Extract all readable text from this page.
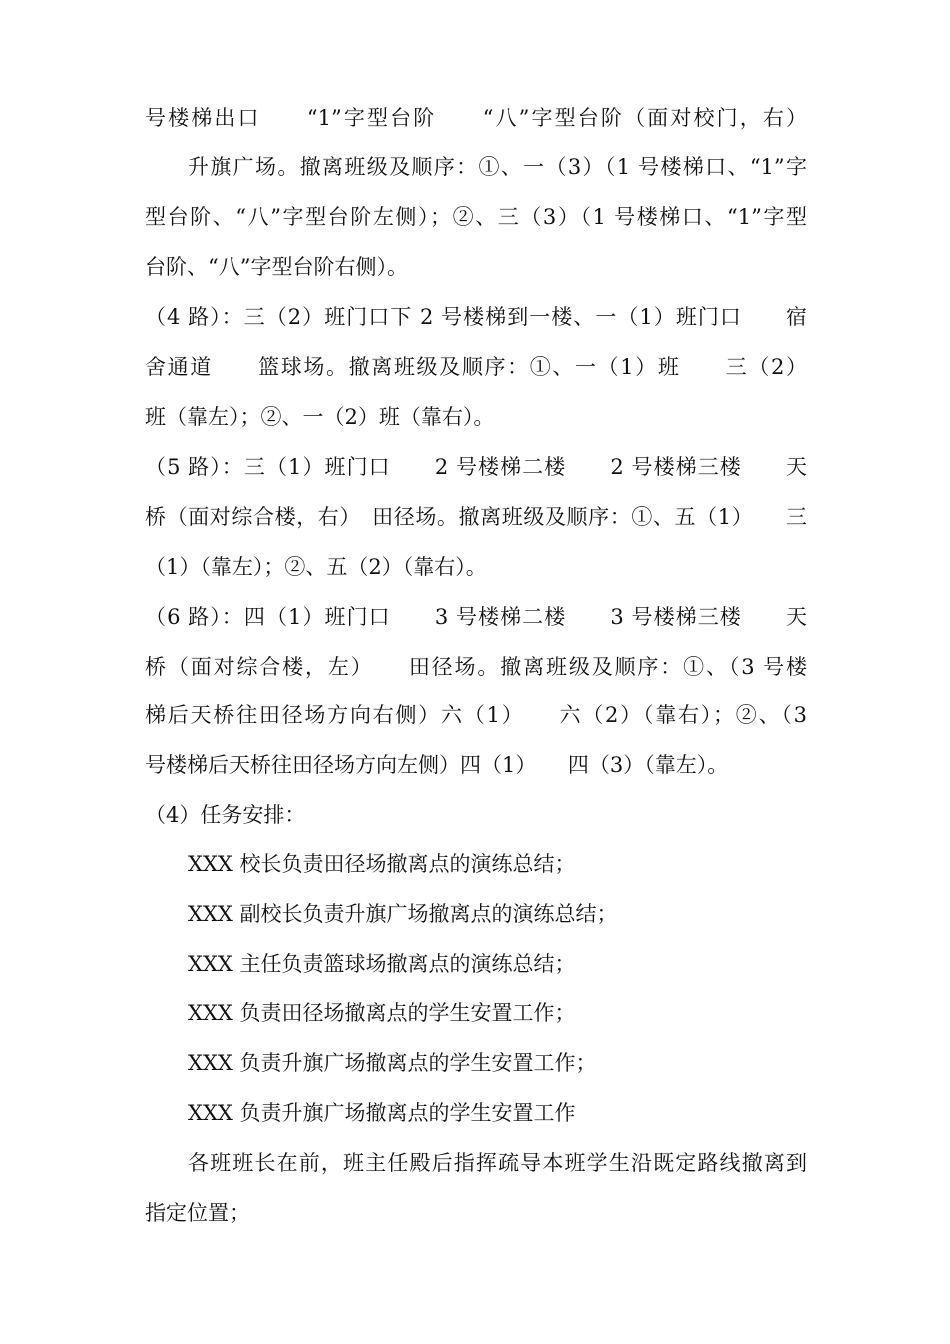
号楼梯出口　　“1”字型台阶　　“八”字型台阶（面对校门，右）
升旗广场。撤离班级及顺序：①、一（3）（1 号楼梯口、“1”字
型台阶、“八”字型台阶左侧）；②、三（3）（1 号楼梯口、“1”字型
台阶、“八”字型台阶右侧）。
（4 路）：三（2）班门口下 2 号楼梯到一楼、一（1）班门口　　宿
舍通道　　篮球场。撤离班级及顺序：①、一（1）班　　三（2）
班（靠左）；②、一（2）班（靠右）。
（5 路）：三（1）班门口　　2 号楼梯二楼　　2 号楼梯三楼　　天
桥（面对综合楼，右）　田径场。撤离班级及顺序：①、五（1）　　三
（1）（靠左）；②、五（2）（靠右）。
（6 路）：四（1）班门口　　3 号楼梯二楼　　3 号楼梯三楼　　天
桥（面对综合楼，左）　　田径场。撤离班级及顺序：①、（3 号楼
梯后天桥往田径场方向右侧）六（1）　　六（2）（靠右）；②、（3
号楼梯后天桥往田径场方向左侧）四（1）　　四（3）（靠左）。
（4）任务安排：
XXX 校长负责田径场撤离点的演练总结；
XXX 副校长负责升旗广场撤离点的演练总结；
XXX 主任负责篮球场撤离点的演练总结；
XXX 负责田径场撤离点的学生安置工作；
XXX 负责升旗广场撤离点的学生安置工作；
XXX 负责升旗广场撤离点的学生安置工作
各班班长在前，班主任殿后指挥疏导本班学生沿既定路线撤离到
指定位置；
